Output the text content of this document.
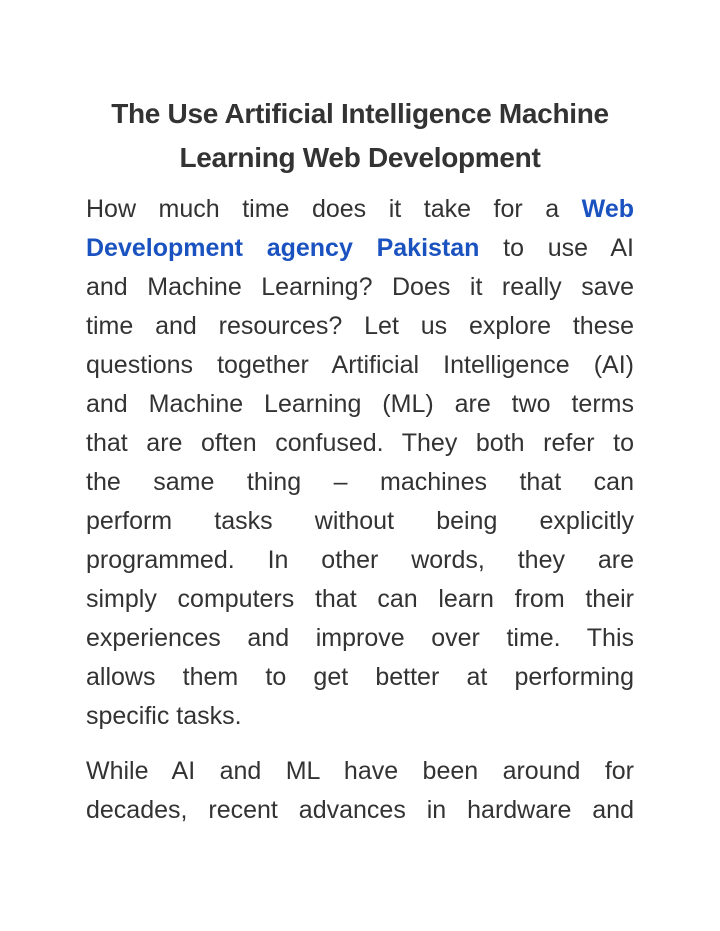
The Use Artificial Intelligence Machine
Learning Web Development
How much time does it take for a Web
Development agency Pakistan to use AI
and Machine Learning? Does it really save
time and resources? Let us explore these
questions together Artificial Intelligence (AI)
and Machine Learning (ML) are two terms
that are often confused. They both refer to
the same thing – machines that can
perform tasks without being explicitly
programmed. In other words, they are
simply computers that can learn from their
experiences and improve over time. This
allows them to get better at performing
specific tasks.
While AI and ML have been around for
decades, recent advances in hardware and
